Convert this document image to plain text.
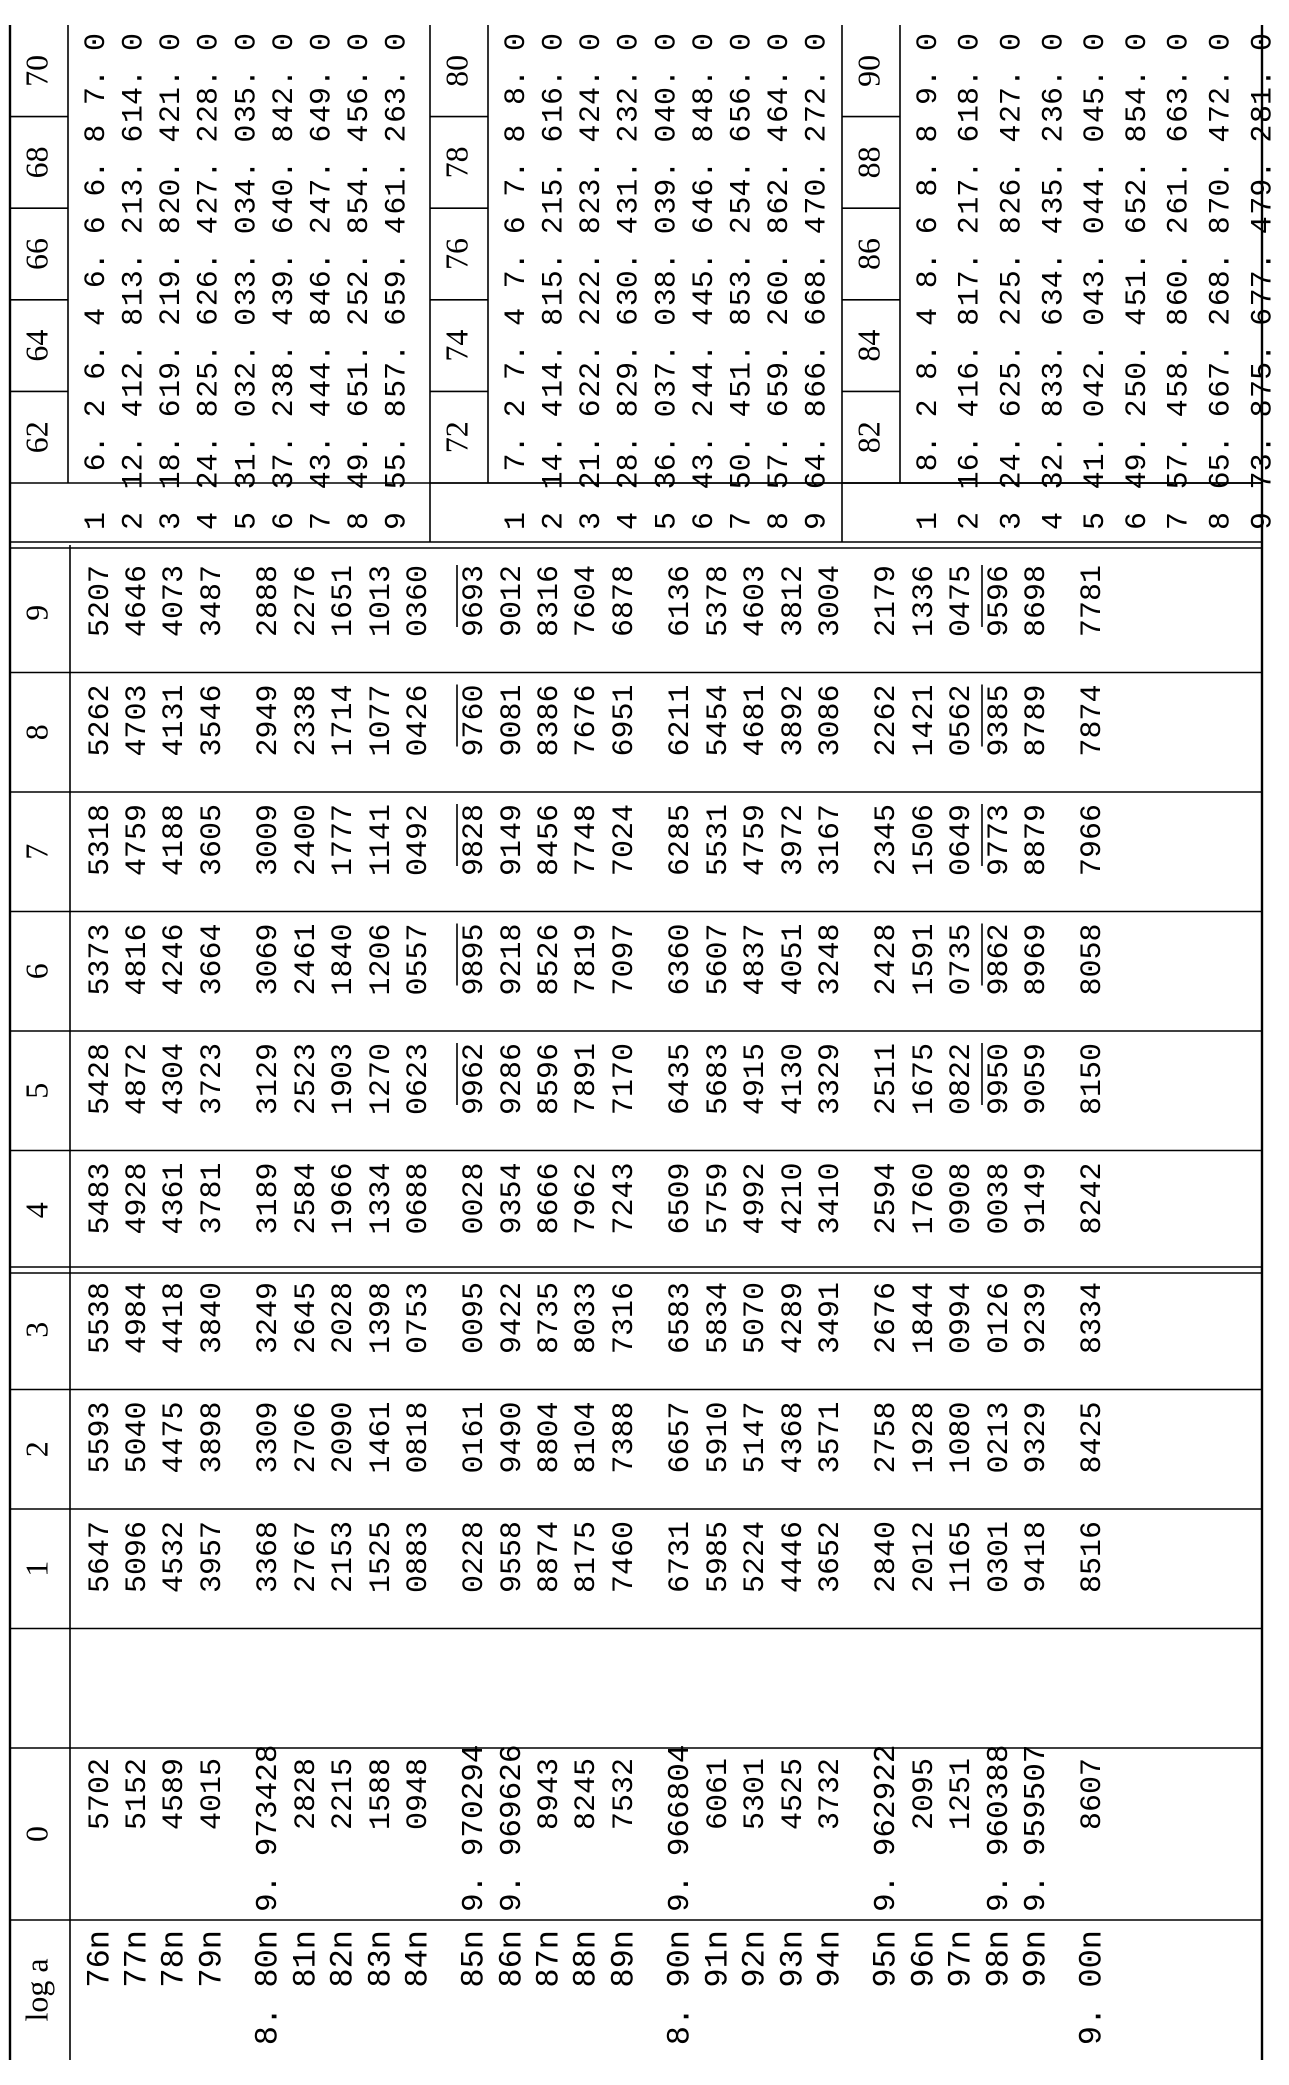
log a
0
1
2
3
4
5
6
7
8
9
76n
5702
5647
5593
5538
5483
5428
5373
5318
5262
5207
77n
5152
5096
5040
4984
4928
4872
4816
4759
4703
4646
78n
4589
4532
4475
4418
4361
4304
4246
4188
4131
4073
79n
4015
3957
3898
3840
3781
3723
3664
3605
3546
3487
8. 80n
9. 973428
3368
3309
3249
3189
3129
3069
3009
2949
2888
81n
2828
2767
2706
2645
2584
2523
2461
2400
2338
2276
82n
2215
2153
2090
2028
1966
1903
1840
1777
1714
1651
83n
1588
1525
1461
1398
1334
1270
1206
1141
1077
1013
84n
0948
0883
0818
0753
0688
0623
0557
0492
0426
0360
85n
9. 970294
0228
0161
0095
0028
9962
9895
9828
9760
9693
86n
9. 969626
9558
9490
9422
9354
9286
9218
9149
9081
9012
87n
8943
8874
8804
8735
8666
8596
8526
8456
8386
8316
88n
8245
8175
8104
8033
7962
7891
7819
7748
7676
7604
89n
7532
7460
7388
7316
7243
7170
7097
7024
6951
6878
8. 90n
9. 966804
6731
6657
6583
6509
6435
6360
6285
6211
6136
91n
6061
5985
5910
5834
5759
5683
5607
5531
5454
5378
92n
5301
5224
5147
5070
4992
4915
4837
4759
4681
4603
93n
4525
4446
4368
4289
4210
4130
4051
3972
3892
3812
94n
3732
3652
3571
3491
3410
3329
3248
3167
3086
3004
95n
9. 962922
2840
2758
2676
2594
2511
2428
2345
2262
2179
96n
2095
2012
1928
1844
1760
1675
1591
1506
1421
1336
97n
1251
1165
1080
0994
0908
0822
0735
0649
0562
0475
98n
9. 960388
0301
0213
0126
0038
9950
9862
9773
9385
9596
99n
9. 959507
9418
9329
9239
9149
9059
8969
8879
8789
8698
9. 00n
8607
8516
8425
8334
8242
8150
8058
7966
7874
7781
62
64
66
68
70
1
6. 2
6. 4
6. 6
6. 8
7. 0
2
12. 4
12. 8
13. 2
13. 6
14. 0
3
18. 6
19. 2
19. 8
20. 4
21. 0
4
24. 8
25. 6
26. 4
27. 2
28. 0
5
31. 0
32. 0
33. 0
34. 0
35. 0
6
37. 2
38. 4
39. 6
40. 8
42. 0
7
43. 4
44. 8
46. 2
47. 6
49. 0
8
49. 6
51. 2
52. 8
54. 4
56. 0
9
55. 8
57. 6
59. 4
61. 2
63. 0
72
74
76
78
80
1
7. 2
7. 4
7. 6
7. 8
8. 0
2
14. 4
14. 8
15. 2
15. 6
16. 0
3
21. 6
22. 2
22. 8
23. 4
24. 0
4
28. 8
29. 6
30. 4
31. 2
32. 0
5
36. 0
37. 0
38. 0
39. 0
40. 0
6
43. 2
44. 4
45. 6
46. 8
48. 0
7
50. 4
51. 8
53. 2
54. 6
56. 0
8
57. 6
59. 2
60. 8
62. 4
64. 0
9
64. 8
66. 6
68. 4
70. 2
72. 0
82
84
86
88
90
1
8. 2
8. 4
8. 6
8. 8
9. 0
2
16. 4
16. 8
17. 2
17. 6
18. 0
3
24. 6
25. 2
25. 8
26. 4
27. 0
4
32. 8
33. 6
34. 4
35. 2
36. 0
5
41. 0
42. 0
43. 0
44. 0
45. 0
6
49. 2
50. 4
51. 6
52. 8
54. 0
7
57. 4
58. 8
60. 2
61. 6
63. 0
8
65. 6
67. 2
68. 8
70. 4
72. 0
9
73. 8
75. 6
77. 4
79. 2
81. 0
